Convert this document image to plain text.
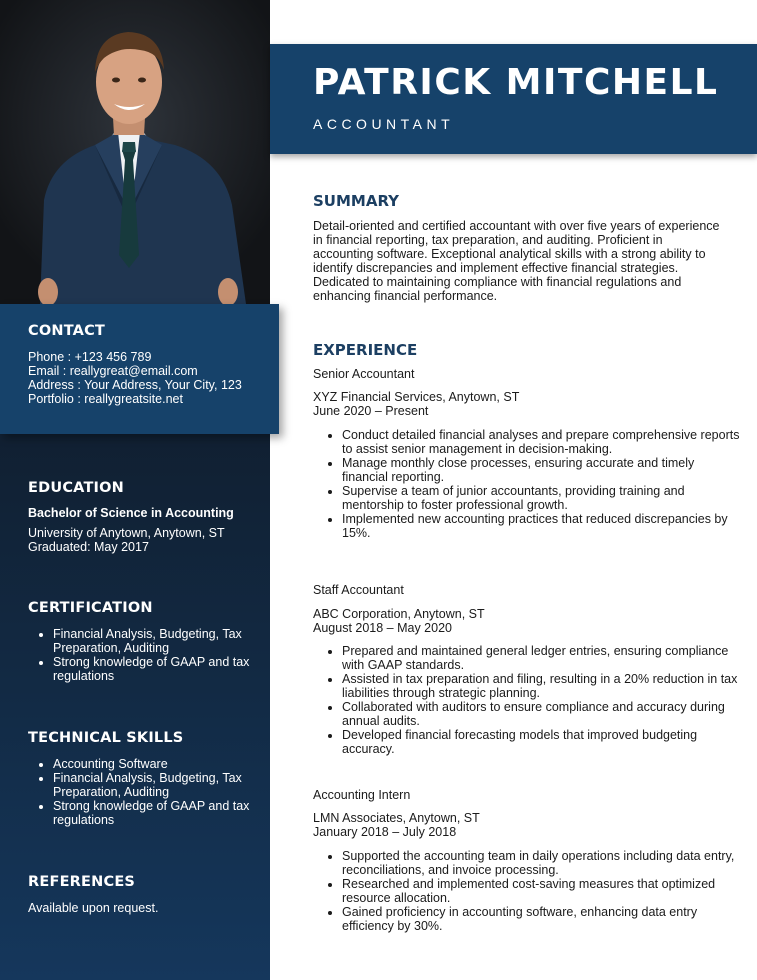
CONTACT
Phone : +123 456 789
Email : reallygreat@email.com
Address : Your Address, Your City, 123
Portfolio : reallygreatsite.net
EDUCATION
Bachelor of Science in Accounting
University of Anytown, Anytown, ST
Graduated: May 2017
CERTIFICATION
• Financial Analysis, Budgeting, Tax Preparation, Auditing
• Strong knowledge of GAAP and tax regulations
TECHNICAL SKILLS
• Accounting Software
• Financial Analysis, Budgeting, Tax Preparation, Auditing
• Strong knowledge of GAAP and tax regulations
REFERENCES
Available upon request.
PATRICK MITCHELL
ACCOUNTANT
SUMMARY

Detail-oriented and certified accountant with over five years of experience in financial reporting, tax preparation, and auditing. Proficient in accounting software. Exceptional analytical skills with a strong ability to identify discrepancies and implement effective financial strategies. Dedicated to maintaining compliance with financial regulations and enhancing financial performance.

EXPERIENCE
Senior Accountant
XYZ Financial Services, Anytown, ST
June 2020 – Present
• Conduct detailed financial analyses and prepare comprehensive reports to assist senior management in decision-making.
• Manage monthly close processes, ensuring accurate and timely financial reporting.
• Supervise a team of junior accountants, providing training and mentorship to foster professional growth.
• Implemented new accounting practices that reduced discrepancies by 15%.
Staff Accountant
ABC Corporation, Anytown, ST
August 2018 – May 2020
• Prepared and maintained general ledger entries, ensuring compliance with GAAP standards.
• Assisted in tax preparation and filing, resulting in a 20% reduction in tax liabilities through strategic planning.
• Collaborated with auditors to ensure compliance and accuracy during annual audits.
• Developed financial forecasting models that improved budgeting accuracy.
Accounting Intern
LMN Associates, Anytown, ST
January 2018 – July 2018
• Supported the accounting team in daily operations including data entry, reconciliations, and invoice processing.
• Researched and implemented cost-saving measures that optimized resource allocation.
• Gained proficiency in accounting software, enhancing data entry efficiency by 30%.
